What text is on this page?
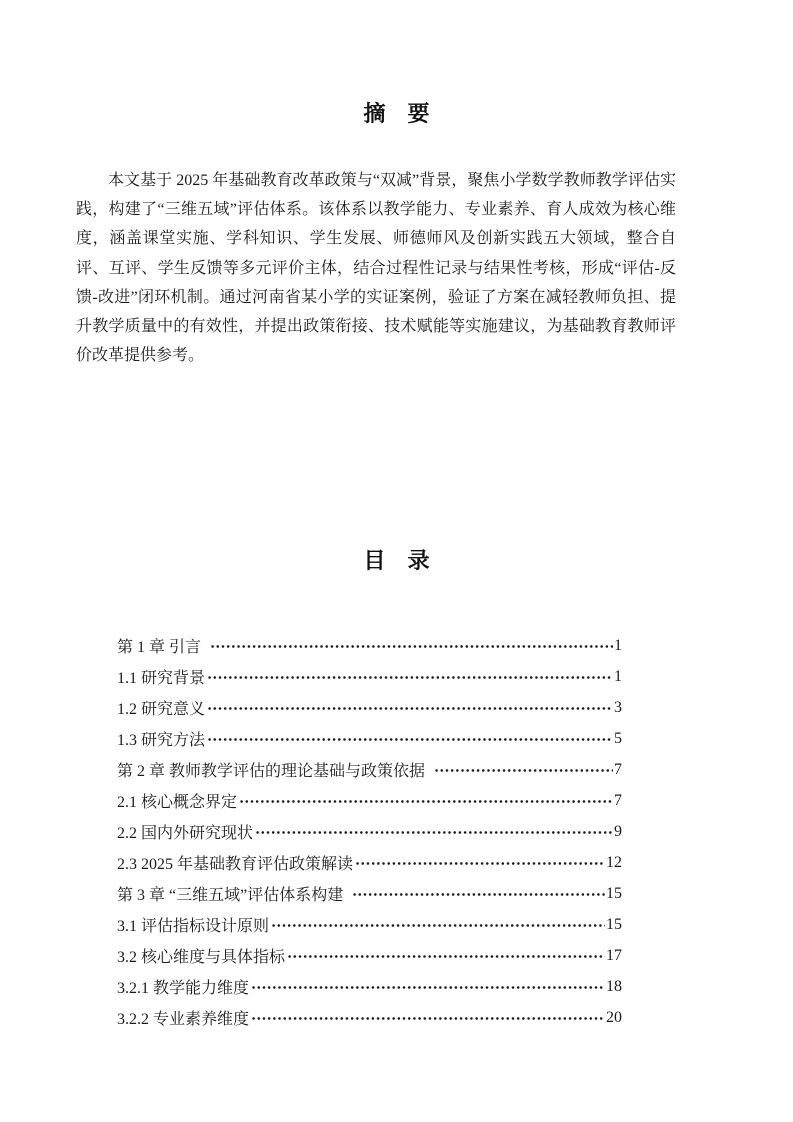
摘　要

本文基于 2025 年基础教育改革政策与“双减”背景，聚焦小学数学教师教学评估实践，构建了“三维五域”评估体系。该体系以教学能力、专业素养、育人成效为核心维度，涵盖课堂实施、学科知识、学生发展、师德师风及创新实践五大领域，整合自评、互评、学生反馈等多元评价主体，结合过程性记录与结果性考核，形成“评估-反馈-改进”闭环机制。通过河南省某小学的实证案例，验证了方案在减轻教师负担、提升教学质量中的有效性，并提出政策衔接、技术赋能等实施建议，为基础教育教师评价改革提供参考。

目　录
第 1 章 引言	1
1.1 研究背景	1
1.2 研究意义	3
1.3 研究方法	5
第 2 章 教师教学评估的理论基础与政策依据	7
2.1 核心概念界定	7
2.2 国内外研究现状	9
2.3 2025 年基础教育评估政策解读	12
第 3 章 “三维五域”评估体系构建	15
3.1 评估指标设计原则	15
3.2 核心维度与具体指标	17
3.2.1 教学能力维度	18
3.2.2 专业素养维度	20
